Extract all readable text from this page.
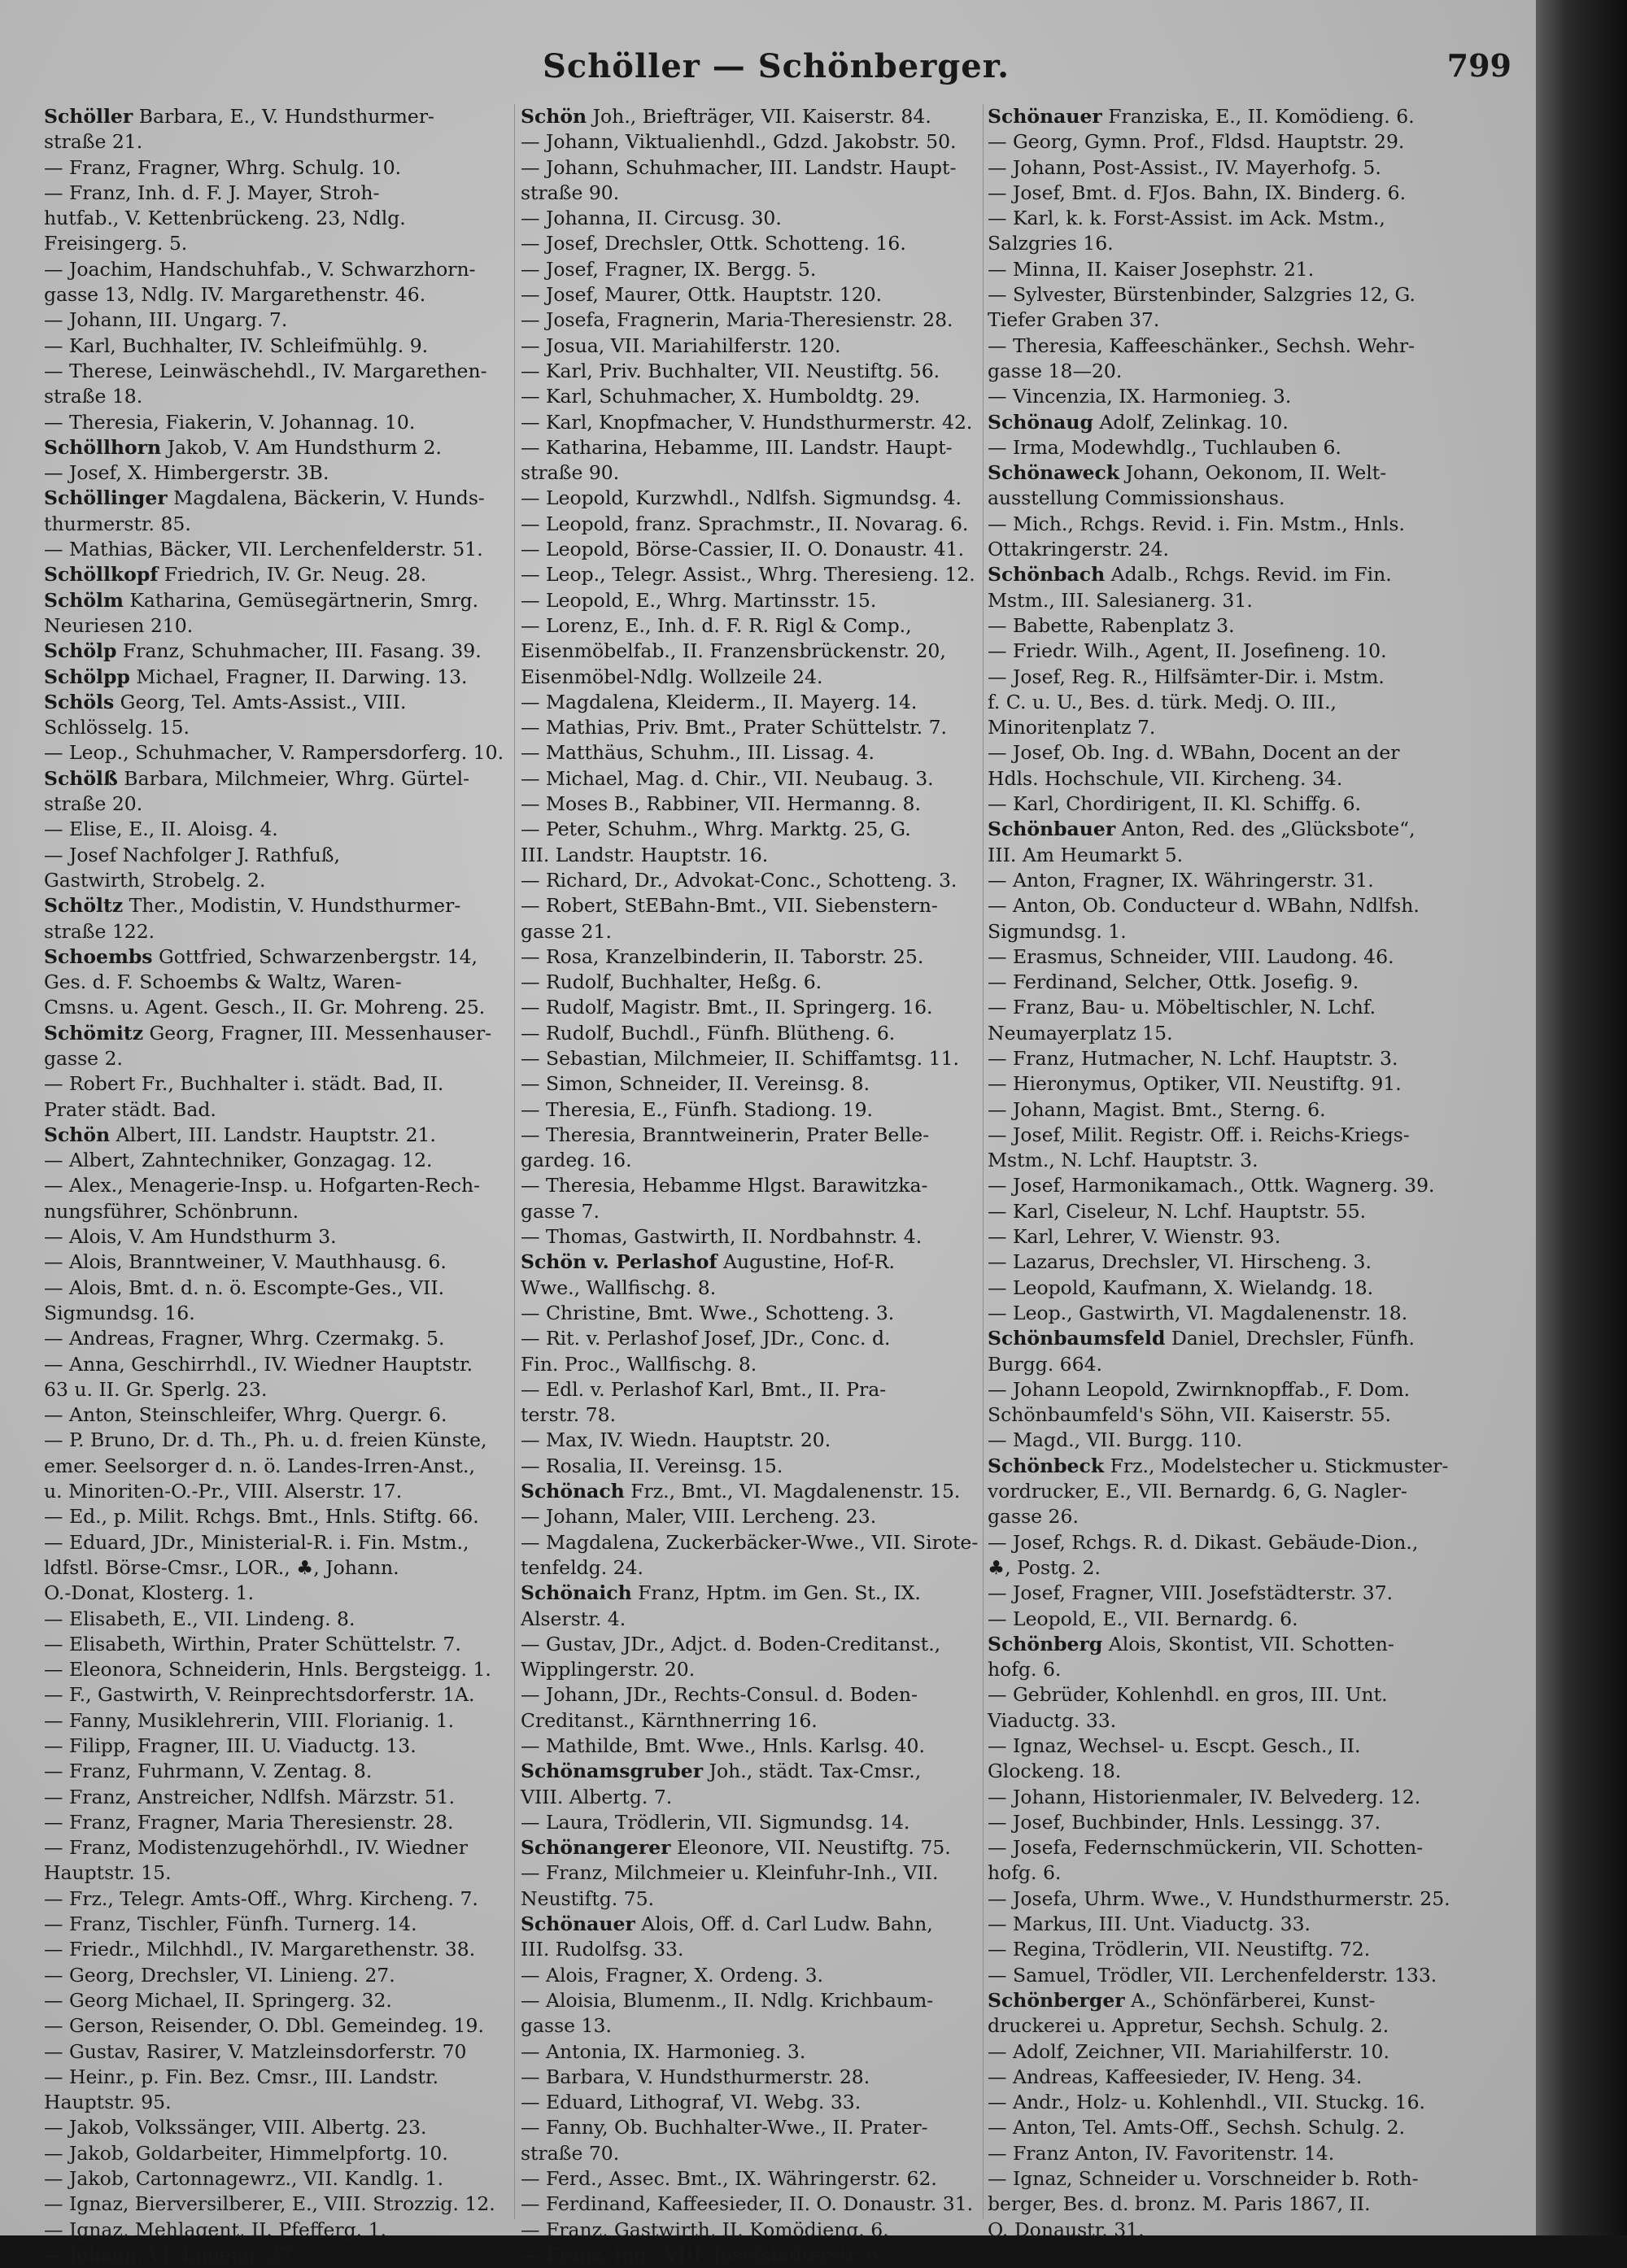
Schöller — Schönberger.	799
Schöller Barbara, E., V. Hundsthurmer-
straße 21.
— Franz, Fragner, Whrg. Schulg. 10.
— Franz, Inh. d. F. J. Mayer, Stroh-
hutfab., V. Kettenbrückeng. 23, Ndlg.
Freisingerg. 5.
— Joachim, Handschuhfab., V. Schwarzhorn-
gasse 13, Ndlg. IV. Margarethenstr. 46.
— Johann, III. Ungarg. 7.
— Karl, Buchhalter, IV. Schleifmühlg. 9.
— Therese, Leinwäschehdl., IV. Margarethen-
straße 18.
— Theresia, Fiakerin, V. Johannag. 10.
Schöllhorn Jakob, V. Am Hundsthurm 2.
— Josef, X. Himbergerstr. 3B.
Schöllinger Magdalena, Bäckerin, V. Hunds-
thurmerstr. 85.
— Mathias, Bäcker, VII. Lerchenfelderstr. 51.
Schöllkopf Friedrich, IV. Gr. Neug. 28.
Schölm Katharina, Gemüsegärtnerin, Smrg.
Neuriesen 210.
Schölp Franz, Schuhmacher, III. Fasang. 39.
Schölpp Michael, Fragner, II. Darwing. 13.
Schöls Georg, Tel. Amts-Assist., VIII.
Schlösselg. 15.
— Leop., Schuhmacher, V. Rampersdorferg. 10.
Schölß Barbara, Milchmeier, Whrg. Gürtel-
straße 20.
— Elise, E., II. Aloisg. 4.
— Josef Nachfolger J. Rathfuß,
Gastwirth, Strobelg. 2.
Schöltz Ther., Modistin, V. Hundsthurmer-
straße 122.
Schoembs Gottfried, Schwarzenbergstr. 14,
Ges. d. F. Schoembs & Waltz, Waren-
Cmsns. u. Agent. Gesch., II. Gr. Mohreng. 25.
Schömitz Georg, Fragner, III. Messenhauser-
gasse 2.
— Robert Fr., Buchhalter i. städt. Bad, II.
Prater städt. Bad.
Schön Albert, III. Landstr. Hauptstr. 21.
— Albert, Zahntechniker, Gonzagag. 12.
— Alex., Menagerie-Insp. u. Hofgarten-Rech-
nungsführer, Schönbrunn.
— Alois, V. Am Hundsthurm 3.
— Alois, Branntweiner, V. Mauthhausg. 6.
— Alois, Bmt. d. n. ö. Escompte-Ges., VII.
Sigmundsg. 16.
— Andreas, Fragner, Whrg. Czermakg. 5.
— Anna, Geschirrhdl., IV. Wiedner Hauptstr.
63 u. II. Gr. Sperlg. 23.
— Anton, Steinschleifer, Whrg. Quergr. 6.
— P. Bruno, Dr. d. Th., Ph. u. d. freien Künste,
emer. Seelsorger d. n. ö. Landes-Irren-Anst.,
u. Minoriten-O.-Pr., VIII. Alserstr. 17.
— Ed., p. Milit. Rchgs. Bmt., Hnls. Stiftg. 66.
— Eduard, JDr., Ministerial-R. i. Fin. Mstm.,
ldfstl. Börse-Cmsr., LOR., ♣, Johann.
O.-Donat, Klosterg. 1.
— Elisabeth, E., VII. Lindeng. 8.
— Elisabeth, Wirthin, Prater Schüttelstr. 7.
— Eleonora, Schneiderin, Hnls. Bergsteigg. 1.
— F., Gastwirth, V. Reinprechtsdorferstr. 1A.
— Fanny, Musiklehrerin, VIII. Florianig. 1.
— Filipp, Fragner, III. U. Viaductg. 13.
— Franz, Fuhrmann, V. Zentag. 8.
— Franz, Anstreicher, Ndlfsh. Märzstr. 51.
— Franz, Fragner, Maria Theresienstr. 28.
— Franz, Modistenzugehörhdl., IV. Wiedner
Hauptstr. 15.
— Frz., Telegr. Amts-Off., Whrg. Kircheng. 7.
— Franz, Tischler, Fünfh. Turnerg. 14.
— Friedr., Milchhdl., IV. Margarethenstr. 38.
— Georg, Drechsler, VI. Linieng. 27.
— Georg Michael, II. Springerg. 32.
— Gerson, Reisender, O. Dbl. Gemeindeg. 19.
— Gustav, Rasirer, V. Matzleinsdorferstr. 70
— Heinr., p. Fin. Bez. Cmsr., III. Landstr.
Hauptstr. 95.
— Jakob, Volkssänger, VIII. Albertg. 23.
— Jakob, Goldarbeiter, Himmelpfortg. 10.
— Jakob, Cartonnagewrz., VII. Kandlg. 1.
— Ignaz, Bierversilberer, E., VIII. Strozzig. 12.
— Ignaz, Mehlagent, II. Pfefferg. 1.
— Johann, VI. Linieng. 27.
Schön Joh., Briefträger, VII. Kaiserstr. 84.
— Johann, Viktualienhdl., Gdzd. Jakobstr. 50.
— Johann, Schuhmacher, III. Landstr. Haupt-
straße 90.
— Johanna, II. Circusg. 30.
— Josef, Drechsler, Ottk. Schotteng. 16.
— Josef, Fragner, IX. Bergg. 5.
— Josef, Maurer, Ottk. Hauptstr. 120.
— Josefa, Fragnerin, Maria-Theresienstr. 28.
— Josua, VII. Mariahilferstr. 120.
— Karl, Priv. Buchhalter, VII. Neustiftg. 56.
— Karl, Schuhmacher, X. Humboldtg. 29.
— Karl, Knopfmacher, V. Hundsthurmerstr. 42.
— Katharina, Hebamme, III. Landstr. Haupt-
straße 90.
— Leopold, Kurzwhdl., Ndlfsh. Sigmundsg. 4.
— Leopold, franz. Sprachmstr., II. Novarag. 6.
— Leopold, Börse-Cassier, II. O. Donaustr. 41.
— Leop., Telegr. Assist., Whrg. Theresieng. 12.
— Leopold, E., Whrg. Martinsstr. 15.
— Lorenz, E., Inh. d. F. R. Rigl & Comp.,
Eisenmöbelfab., II. Franzensbrückenstr. 20,
Eisenmöbel-Ndlg. Wollzeile 24.
— Magdalena, Kleiderm., II. Mayerg. 14.
— Mathias, Priv. Bmt., Prater Schüttelstr. 7.
— Matthäus, Schuhm., III. Lissag. 4.
— Michael, Mag. d. Chir., VII. Neubaug. 3.
— Moses B., Rabbiner, VII. Hermanng. 8.
— Peter, Schuhm., Whrg. Marktg. 25, G.
III. Landstr. Hauptstr. 16.
— Richard, Dr., Advokat-Conc., Schotteng. 3.
— Robert, StEBahn-Bmt., VII. Siebenstern-
gasse 21.
— Rosa, Kranzelbinderin, II. Taborstr. 25.
— Rudolf, Buchhalter, Heßg. 6.
— Rudolf, Magistr. Bmt., II. Springerg. 16.
— Rudolf, Buchdl., Fünfh. Blütheng. 6.
— Sebastian, Milchmeier, II. Schiffamtsg. 11.
— Simon, Schneider, II. Vereinsg. 8.
— Theresia, E., Fünfh. Stadiong. 19.
— Theresia, Branntweinerin, Prater Belle-
gardeg. 16.
— Theresia, Hebamme Hlgst. Barawitzka-
gasse 7.
— Thomas, Gastwirth, II. Nordbahnstr. 4.
Schön v. Perlashof Augustine, Hof-R.
Wwe., Wallfischg. 8.
— Christine, Bmt. Wwe., Schotteng. 3.
— Rit. v. Perlashof Josef, JDr., Conc. d.
Fin. Proc., Wallfischg. 8.
— Edl. v. Perlashof Karl, Bmt., II. Pra-
terstr. 78.
— Max, IV. Wiedn. Hauptstr. 20.
— Rosalia, II. Vereinsg. 15.
Schönach Frz., Bmt., VI. Magdalenenstr. 15.
— Johann, Maler, VIII. Lercheng. 23.
— Magdalena, Zuckerbäcker-Wwe., VII. Sirote-
tenfeldg. 24.
Schönaich Franz, Hptm. im Gen. St., IX.
Alserstr. 4.
— Gustav, JDr., Adjct. d. Boden-Creditanst.,
Wipplingerstr. 20.
— Johann, JDr., Rechts-Consul. d. Boden-
Creditanst., Kärnthnerring 16.
— Mathilde, Bmt. Wwe., Hnls. Karlsg. 40.
Schönamsgruber Joh., städt. Tax-Cmsr.,
VIII. Albertg. 7.
— Laura, Trödlerin, VII. Sigmundsg. 14.
Schönangerer Eleonore, VII. Neustiftg. 75.
— Franz, Milchmeier u. Kleinfuhr-Inh., VII.
Neustiftg. 75.
Schönauer Alois, Off. d. Carl Ludw. Bahn,
III. Rudolfsg. 33.
— Alois, Fragner, X. Ordeng. 3.
— Aloisia, Blumenm., II. Ndlg. Krichbaum-
gasse 13.
— Antonia, IX. Harmonieg. 3.
— Barbara, V. Hundsthurmerstr. 28.
— Eduard, Lithograf, VI. Webg. 33.
— Fanny, Ob. Buchhalter-Wwe., II. Prater-
straße 70.
— Ferd., Assec. Bmt., IX. Währingerstr. 62.
— Ferdinand, Kaffeesieder, II. O. Donaustr. 31.
— Franz, Gastwirth, II. Komödieng. 6.
— Franz, Ing., VIII. Josefstädterstr. 6.
Schönauer Franziska, E., II. Komödieng. 6.
— Georg, Gymn. Prof., Fldsd. Hauptstr. 29.
— Johann, Post-Assist., IV. Mayerhofg. 5.
— Josef, Bmt. d. FJos. Bahn, IX. Binderg. 6.
— Karl, k. k. Forst-Assist. im Ack. Mstm.,
Salzgries 16.
— Minna, II. Kaiser Josephstr. 21.
— Sylvester, Bürstenbinder, Salzgries 12, G.
Tiefer Graben 37.
— Theresia, Kaffeeschänker., Sechsh. Wehr-
gasse 18—20.
— Vincenzia, IX. Harmonieg. 3.
Schönaug Adolf, Zelinkag. 10.
— Irma, Modewhdlg., Tuchlauben 6.
Schönaweck Johann, Oekonom, II. Welt-
ausstellung Commissionshaus.
— Mich., Rchgs. Revid. i. Fin. Mstm., Hnls.
Ottakringerstr. 24.
Schönbach Adalb., Rchgs. Revid. im Fin.
Mstm., III. Salesianerg. 31.
— Babette, Rabenplatz 3.
— Friedr. Wilh., Agent, II. Josefineng. 10.
— Josef, Reg. R., Hilfsämter-Dir. i. Mstm.
f. C. u. U., Bes. d. türk. Medj. O. III.,
Minoritenplatz 7.
— Josef, Ob. Ing. d. WBahn, Docent an der
Hdls. Hochschule, VII. Kircheng. 34.
— Karl, Chordirigent, II. Kl. Schiffg. 6.
Schönbauer Anton, Red. des „Glücksbote“,
III. Am Heumarkt 5.
— Anton, Fragner, IX. Währingerstr. 31.
— Anton, Ob. Conducteur d. WBahn, Ndlfsh.
Sigmundsg. 1.
— Erasmus, Schneider, VIII. Laudong. 46.
— Ferdinand, Selcher, Ottk. Josefig. 9.
— Franz, Bau- u. Möbeltischler, N. Lchf.
Neumayerplatz 15.
— Franz, Hutmacher, N. Lchf. Hauptstr. 3.
— Hieronymus, Optiker, VII. Neustiftg. 91.
— Johann, Magist. Bmt., Sterng. 6.
— Josef, Milit. Registr. Off. i. Reichs-Kriegs-
Mstm., N. Lchf. Hauptstr. 3.
— Josef, Harmonikamach., Ottk. Wagnerg. 39.
— Karl, Ciseleur, N. Lchf. Hauptstr. 55.
— Karl, Lehrer, V. Wienstr. 93.
— Lazarus, Drechsler, VI. Hirscheng. 3.
— Leopold, Kaufmann, X. Wielandg. 18.
— Leop., Gastwirth, VI. Magdalenenstr. 18.
Schönbaumsfeld Daniel, Drechsler, Fünfh.
Burgg. 664.
— Johann Leopold, Zwirnknopffab., F. Dom.
Schönbaumfeld's Söhn, VII. Kaiserstr. 55.
— Magd., VII. Burgg. 110.
Schönbeck Frz., Modelstecher u. Stickmuster-
vordrucker, E., VII. Bernardg. 6, G. Nagler-
gasse 26.
— Josef, Rchgs. R. d. Dikast. Gebäude-Dion.,
♣, Postg. 2.
— Josef, Fragner, VIII. Josefstädterstr. 37.
— Leopold, E., VII. Bernardg. 6.
Schönberg Alois, Skontist, VII. Schotten-
hofg. 6.
— Gebrüder, Kohlenhdl. en gros, III. Unt.
Viaductg. 33.
— Ignaz, Wechsel- u. Escpt. Gesch., II.
Glockeng. 18.
— Johann, Historienmaler, IV. Belvederg. 12.
— Josef, Buchbinder, Hnls. Lessingg. 37.
— Josefa, Federnschmückerin, VII. Schotten-
hofg. 6.
— Josefa, Uhrm. Wwe., V. Hundsthurmerstr. 25.
— Markus, III. Unt. Viaductg. 33.
— Regina, Trödlerin, VII. Neustiftg. 72.
— Samuel, Trödler, VII. Lerchenfelderstr. 133.
Schönberger A., Schönfärberei, Kunst-
druckerei u. Appretur, Sechsh. Schulg. 2.
— Adolf, Zeichner, VII. Mariahilferstr. 10.
— Andreas, Kaffeesieder, IV. Heng. 34.
— Andr., Holz- u. Kohlenhdl., VII. Stuckg. 16.
— Anton, Tel. Amts-Off., Sechsh. Schulg. 2.
— Franz Anton, IV. Favoritenstr. 14.
— Ignaz, Schneider u. Vorschneider b. Roth-
berger, Bes. d. bronz. M. Paris 1867, II.
O. Donaustr. 31.
